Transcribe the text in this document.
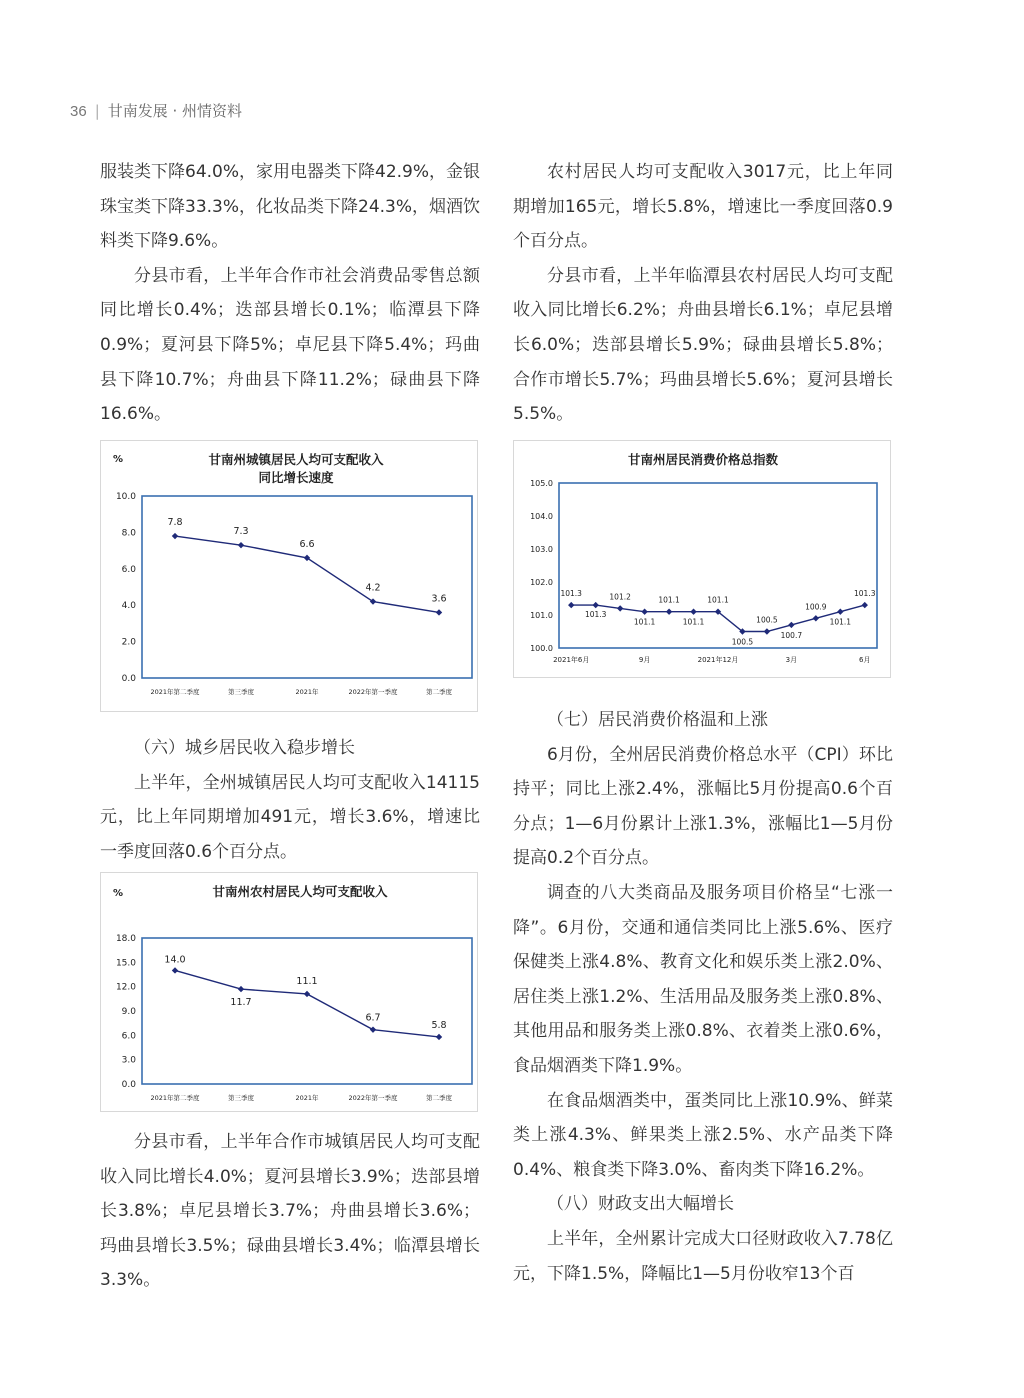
36 | 甘南发展 · 州情资料

服装类下降64.0%，家用电器类下降42.9%，金银珠宝类下降33.3%，化妆品类下降24.3%，烟酒饮料类下降9.6%。

分县市看，上半年合作市社会消费品零售总额同比增长0.4%；迭部县增长0.1%；临潭县下降0.9%；夏河县下降5%；卓尼县下降5.4%；玛曲县下降10.7%；舟曲县下降11.2%；碌曲县下降16.6%。

甘南州城镇居民人均可支配收入
同比增长速度
%
0.0
2.0
4.0
6.0
8.0
10.0
7.8
7.3
6.6
4.2
3.6
2021年第二季度	第三季度	2021年	2022年第一季度	第二季度

（六）城乡居民收入稳步增长

上半年，全州城镇居民人均可支配收入14115元，比上年同期增加491元，增长3.6%，增速比一季度回落0.6个百分点。

甘南州农村居民人均可支配收入
%
0.0
3.0
6.0
9.0
12.0
15.0
18.0
14.0
11.7
11.1
6.7
5.8
2021年第二季度	第三季度	2021年	2022年第一季度	第二季度

分县市看，上半年合作市城镇居民人均可支配收入同比增长4.0%；夏河县增长3.9%；迭部县增长3.8%；卓尼县增长3.7%；舟曲县增长3.6%；玛曲县增长3.5%；碌曲县增长3.4%；临潭县增长3.3%。

农村居民人均可支配收入3017元，比上年同期增加165元，增长5.8%，增速比一季度回落0.9个百分点。

分县市看，上半年临潭县农村居民人均可支配收入同比增长6.2%；舟曲县增长6.1%；卓尼县增长6.0%；迭部县增长5.9%；碌曲县增长5.8%；合作市增长5.7%；玛曲县增长5.6%；夏河县增长5.5%。

甘南州居民消费价格总指数
100.0
101.0
102.0
103.0
104.0
105.0
101.3
101.3
101.2
101.1
101.1
101.1
101.1
100.5
100.5
100.7
100.9
101.1
101.3
2021年6月	9月	2021年12月	3月	6月

（七）居民消费价格温和上涨

6月份，全州居民消费价格总水平（CPI）环比持平；同比上涨2.4%，涨幅比5月份提高0.6个百分点；1—6月份累计上涨1.3%，涨幅比1—5月份提高0.2个百分点。

调查的八大类商品及服务项目价格呈“七涨一降”。6月份，交通和通信类同比上涨5.6%、医疗保健类上涨4.8%、教育文化和娱乐类上涨2.0%、居住类上涨1.2%、生活用品及服务类上涨0.8%、其他用品和服务类上涨0.8%、衣着类上涨0.6%，食品烟酒类下降1.9%。

在食品烟酒类中，蛋类同比上涨10.9%、鲜菜类上涨4.3%、鲜果类上涨2.5%、水产品类下降0.4%、粮食类下降3.0%、畜肉类下降16.2%。

（八）财政支出大幅增长

上半年，全州累计完成大口径财政收入7.78亿元，下降1.5%，降幅比1—5月份收窄13个百
